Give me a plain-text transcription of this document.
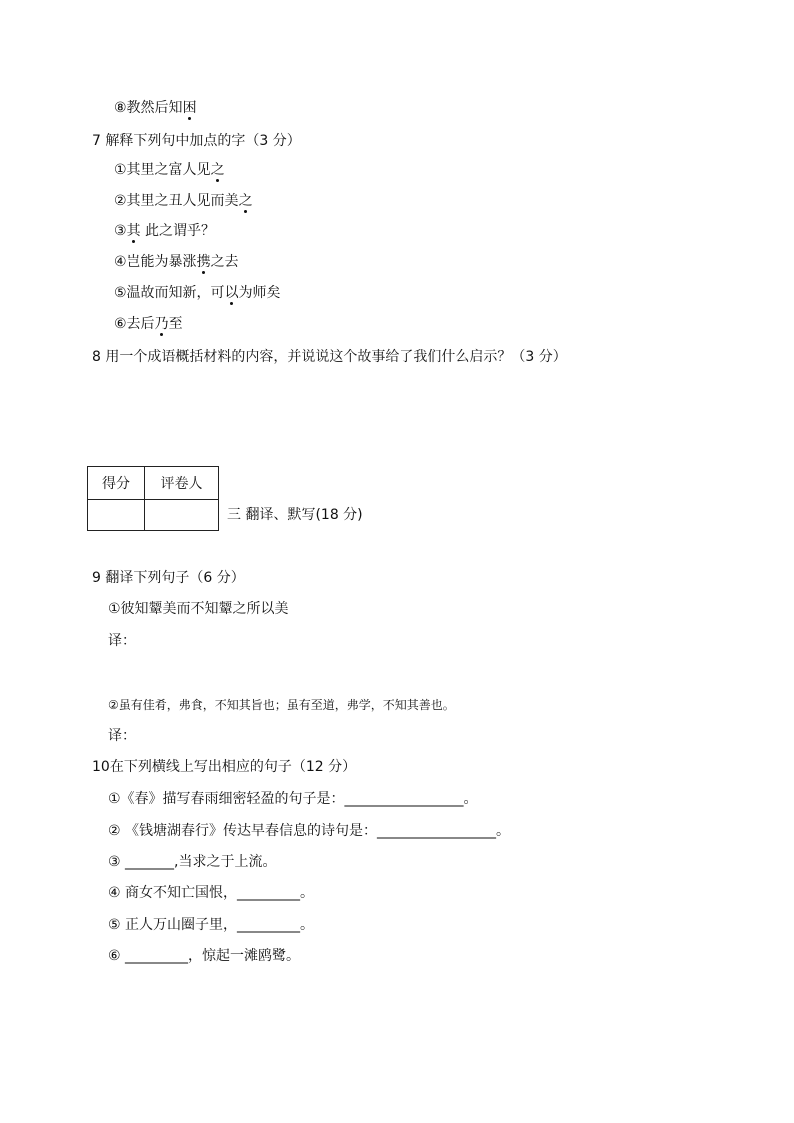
⑧教然后知困
7 解释下列句中加点的字（3 分）
①其里之富人见之
②其里之丑人见而美之
③其 此之谓乎？
④岂能为暴涨携之去
⑤温故而知新，可以为师矣
⑥去后乃至
8 用一个成语概括材料的内容，并说说这个故事给了我们什么启示？（3 分）
得分	评卷人

三 翻译、默写(18 分)
9 翻译下列句子（6 分）
①彼知颦美而不知颦之所以美
译：
②虽有佳肴，弗食，不知其旨也；虽有至道，弗学，不知其善也。
译：
10在下列横线上写出相应的句子（12 分）
①《春》描写春雨细密轻盈的句子是：_________________。
② 《钱塘湖春行》传达早春信息的诗句是：_________________。
③ _______,当求之于上流。
④ 商女不知亡国恨，_________。
⑤ 正人万山圈子里，_________。
⑥ _________，惊起一滩鸥鹭。
